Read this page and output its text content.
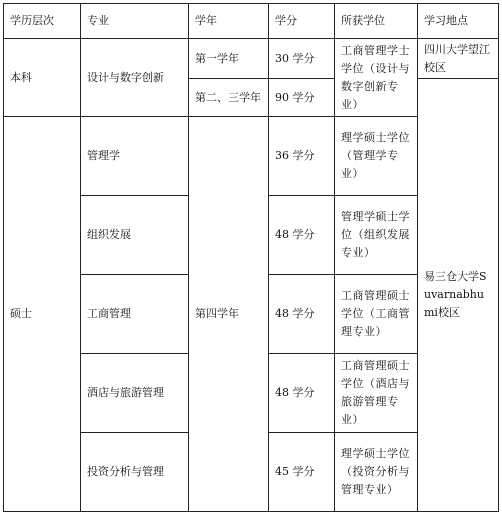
学历层次	专业	学年	学分	所获学位	学习地点
本科	设计与数字创新	第一学年	30 学分	工商管理学士学位（设计与数字创新专业）	四川大学望江校区
		第二、三学年	90 学分		易三仓大学Suvarnabhumi校区
硕士	管理学	第四学年	36 学分	理学硕士学位（管理学专业）	
	组织发展		48 学分	管理学硕士学位（组织发展专业）	
	工商管理		48 学分	工商管理硕士学位（工商管理专业）	
	酒店与旅游管理		48 学分	工商管理硕士学位（酒店与旅游管理专业）	
	投资分析与管理		45 学分	理学硕士学位（投资分析与管理专业）	
